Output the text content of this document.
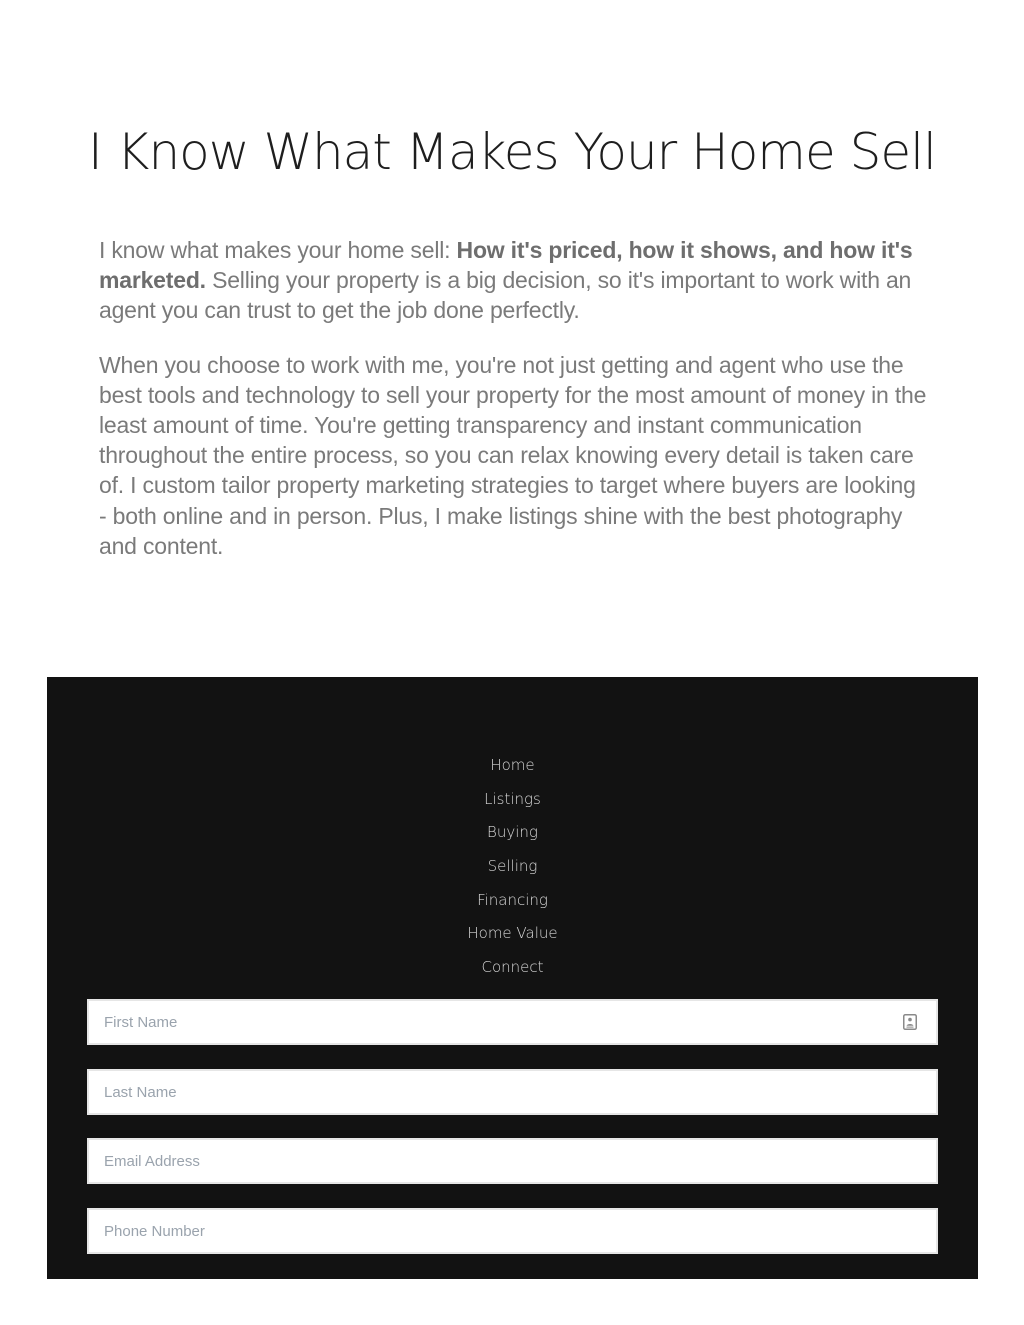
I Know What Makes Your Home Sell

I know what makes your home sell: How it's priced, how it shows, and how it's marketed. Selling your property is a big decision, so it's important to work with an agent you can trust to get the job done perfectly.

When you choose to work with me, you're not just getting and agent who use the best tools and technology to sell your property for the most amount of money in the least amount of time. You're getting transparency and instant communication throughout the entire process, so you can relax knowing every detail is taken care of. I custom tailor property marketing strategies to target where buyers are looking - both online and in person. Plus, I make listings shine with the best photography and content.

Home
Listings
Buying
Selling
Financing
Home Value
Connect
First Name
Last Name
Email Address
Phone Number
